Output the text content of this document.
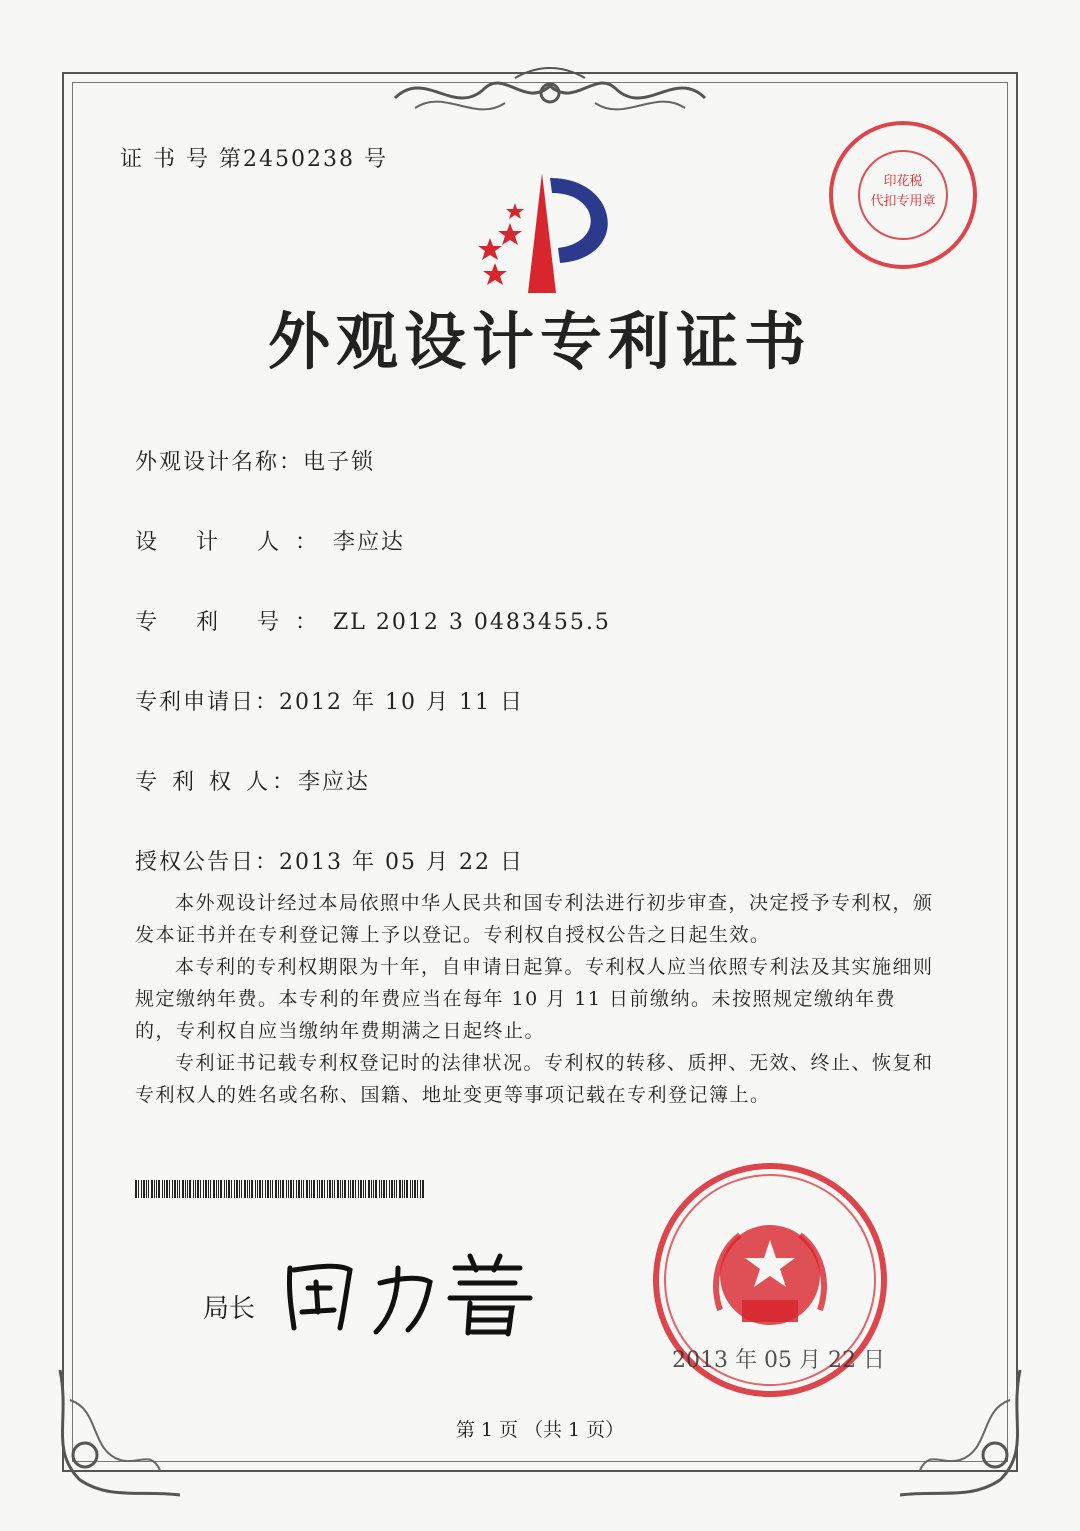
证 书 号 第2450238 号
外观设计专利证书
外观设计名称：电子锁
设 计 人：李应达
专 利 号：ZL 2012 3 0483455.5
专利申请日：2012 年 10 月 11 日
专 利 权 人：李应达
授权公告日：2013 年 05 月 22 日

本外观设计经过本局依照中华人民共和国专利法进行初步审查，决定授予专利权，颁发本证书并在专利登记簿上予以登记。专利权自授权公告之日起生效。

本专利的专利权期限为十年，自申请日起算。专利权人应当依照专利法及其实施细则规定缴纳年费。本专利的年费应当在每年 10 月 11 日前缴纳。未按照规定缴纳年费的，专利权自应当缴纳年费期满之日起终止。

专利证书记载专利权登记时的法律状况。专利权的转移、质押、无效、终止、恢复和专利权人的姓名或名称、国籍、地址变更等事项记载在专利登记簿上。

局长
2013 年 05 月 22 日
印花税
代扣专用章
第 1 页 （共 1 页）
